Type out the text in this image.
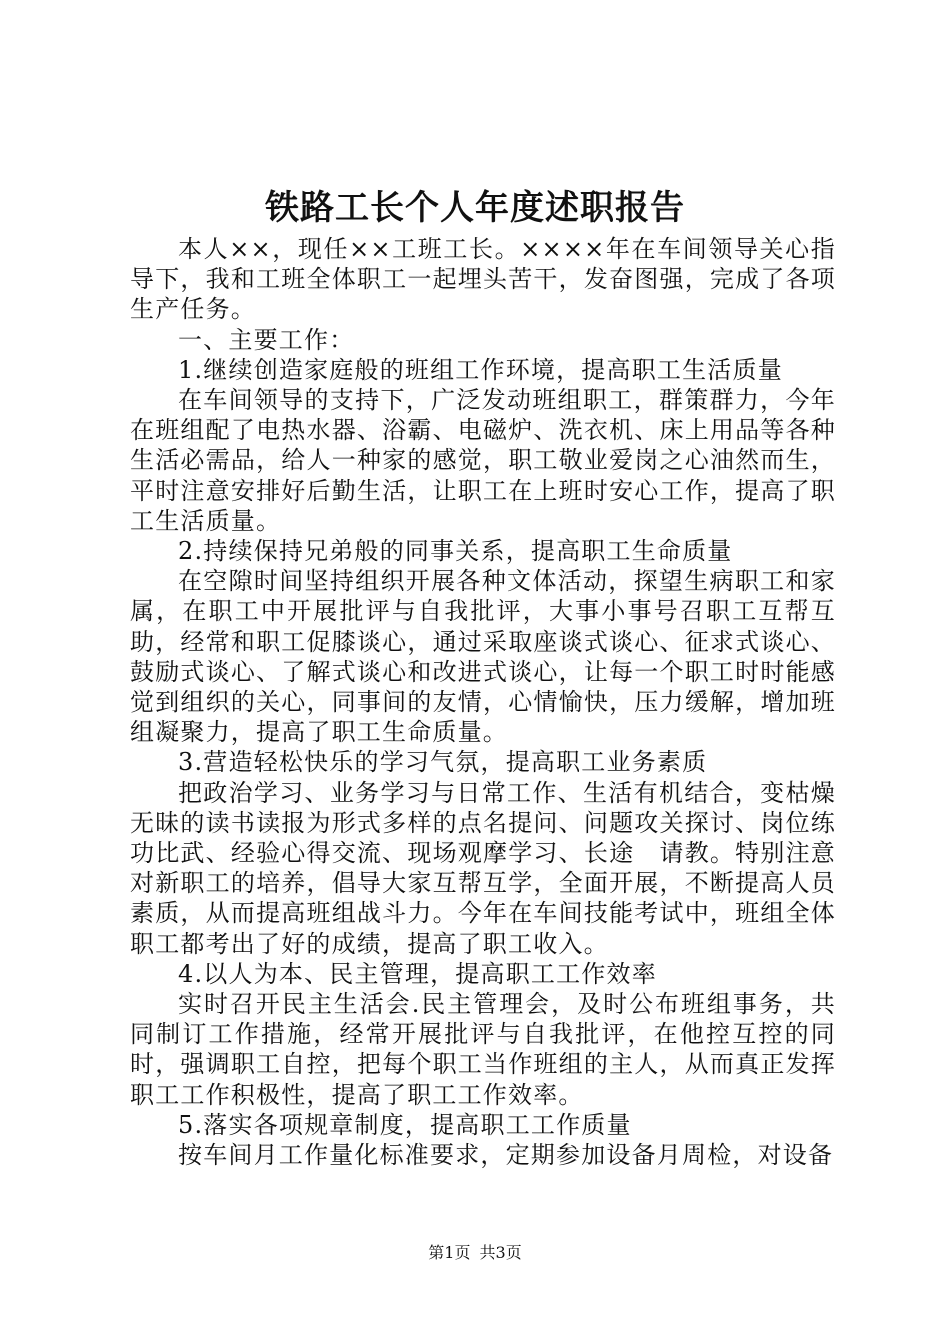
铁路工长个人年度述职报告

本人××，现任××工班工长。××××年在车间领导关心指导下，我和工班全体职工一起埋头苦干，发奋图强，完成了各项生产任务。

一、主要工作：

1.继续创造家庭般的班组工作环境，提高职工生活质量

在车间领导的支持下，广泛发动班组职工，群策群力，今年在班组配了电热水器、浴霸、电磁炉、洗衣机、床上用品等各种生活必需品，给人一种家的感觉，职工敬业爱岗之心油然而生，平时注意安排好后勤生活，让职工在上班时安心工作，提高了职工生活质量。

2.持续保持兄弟般的同事关系，提高职工生命质量

在空隙时间坚持组织开展各种文体活动，探望生病职工和家属，在职工中开展批评与自我批评，大事小事号召职工互帮互助，经常和职工促膝谈心，通过采取座谈式谈心、征求式谈心、鼓励式谈心、了解式谈心和改进式谈心，让每一个职工时时能感觉到组织的关心，同事间的友情，心情愉快，压力缓解，增加班组凝聚力，提高了职工生命质量。

3.营造轻松快乐的学习气氛，提高职工业务素质

把政治学习、业务学习与日常工作、生活有机结合，变枯燥无昧的读书读报为形式多样的点名提问、问题攻关探讨、岗位练功比武、经验心得交流、现场观摩学习、长途　请教。特别注意对新职工的培养，倡导大家互帮互学，全面开展，不断提高人员素质，从而提高班组战斗力。今年在车间技能考试中，班组全体职工都考出了好的成绩，提高了职工收入。

4.以人为本、民主管理，提高职工工作效率

实时召开民主生活会.民主管理会，及时公布班组事务，共同制订工作措施，经常开展批评与自我批评，在他控互控的同时，强调职工自控，把每个职工当作班组的主人，从而真正发挥职工工作积极性，提高了职工工作效率。

5.落实各项规章制度，提高职工工作质量

按车间月工作量化标准要求，定期参加设备月周检，对设备

第1页 共3页
